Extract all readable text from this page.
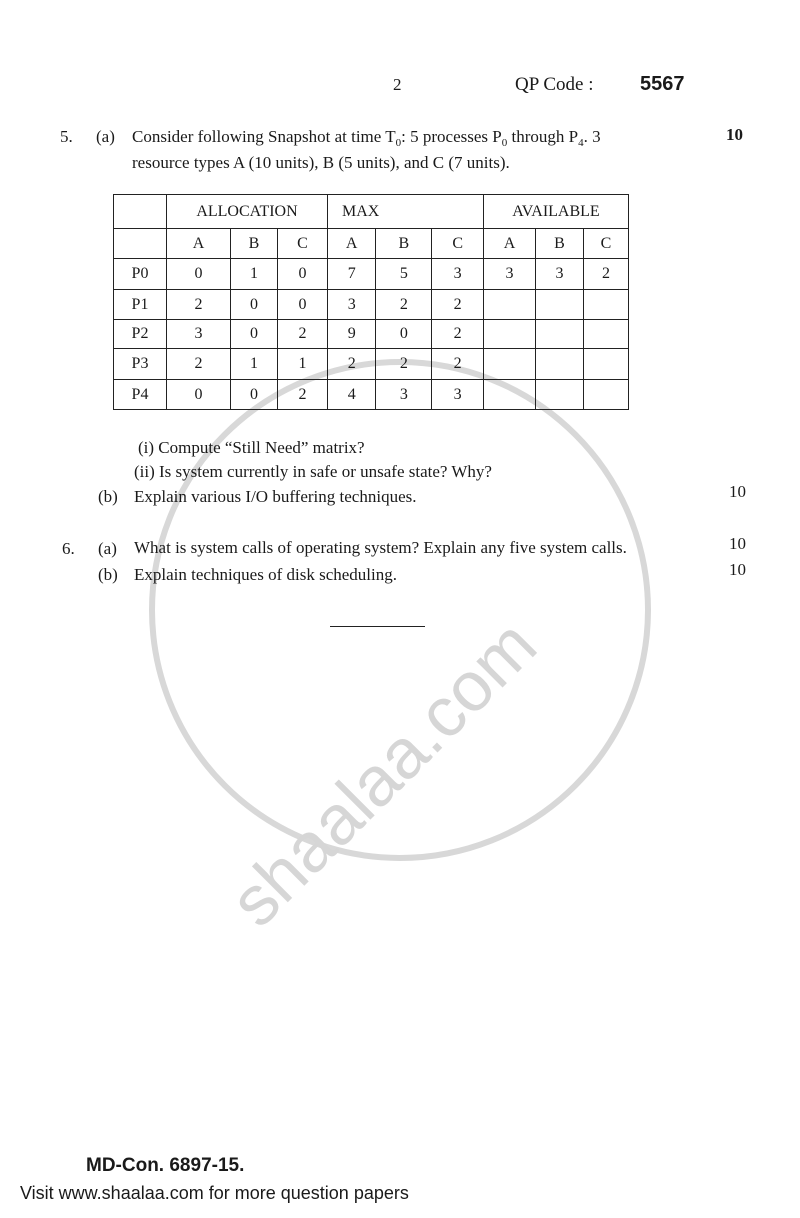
shaalaa.com
2	QP Code : 5567
5. (a) Consider following Snapshot at time $T_0$: 5 processes $P_0$ through $P_4$. 3	10
resource types A (10 units), B (5 units), and C (7 units).
	ALLOCATION			MAX			AVAILABLE		
	A	B	C	A	B	C	A	B	C
P0	0	1	0	7	5	3	3	3	2
P1	2	0	0	3	2	2			
P2	3	0	2	9	0	2			
P3	2	1	1	2	2	2			
P4	0	0	2	4	3	3			
(i) Compute “Still Need” matrix?
(ii) Is system currently in safe or unsafe state? Why?
(b) Explain various I/O buffering techniques.	10
6. (a) What is system calls of operating system? Explain any five system calls.	10
(b) Explain techniques of disk scheduling.	10
MD-Con. 6897-15.
Visit www.shaalaa.com for more question papers
